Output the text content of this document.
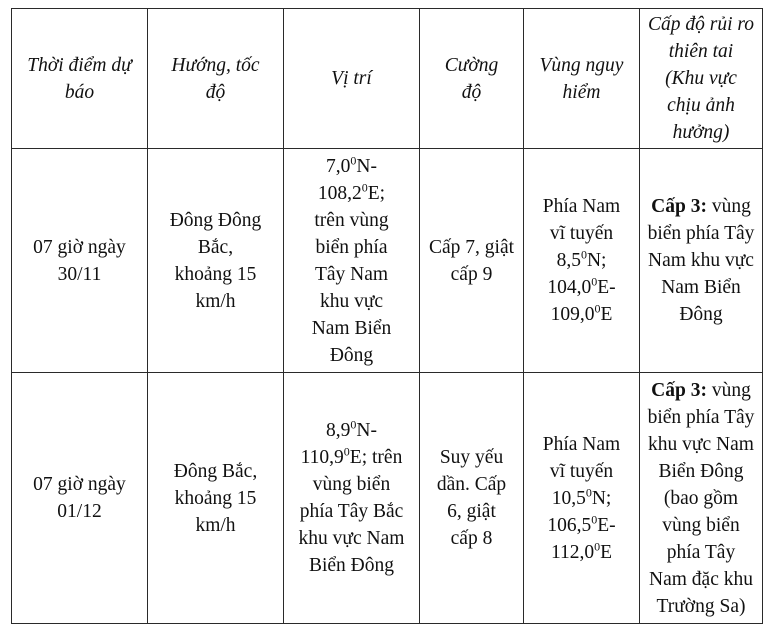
Thời điểm dự báo	Hướng, tốc độ	Vị trí	Cường độ	Vùng nguy hiểm	Cấp độ rủi ro thiên tai (Khu vực chịu ảnh hưởng)
07 giờ ngày 30/11	Đông Đông Bắc, khoảng 15 km/h	$7,0^0N-$ 108,2$^0$E; trên vùng biển phía Tây Nam khu vực Nam Biển Đông	Cấp 7, giật cấp 9	Phía Nam vĩ tuyến $8,5^0N$; 104,0$^0$E-109,0$^0$E	Cấp 3: vùng biển phía Tây Nam khu vực Nam Biển Đông
07 giờ ngày 01/12	Đông Bắc, khoảng 15 km/h	$8,9^0N-$ 110,9$^0$E; trên vùng biển phía Tây Bắc khu vực Nam Biển Đông	Suy yếu dần. Cấp 6, giật cấp 8	Phía Nam vĩ tuyến 10,5$^0$N; 106,5$^0$E-112,0$^0$E	Cấp 3: vùng biển phía Tây khu vực Nam Biển Đông (bao gồm vùng biển phía Tây Nam đặc khu Trường Sa)
